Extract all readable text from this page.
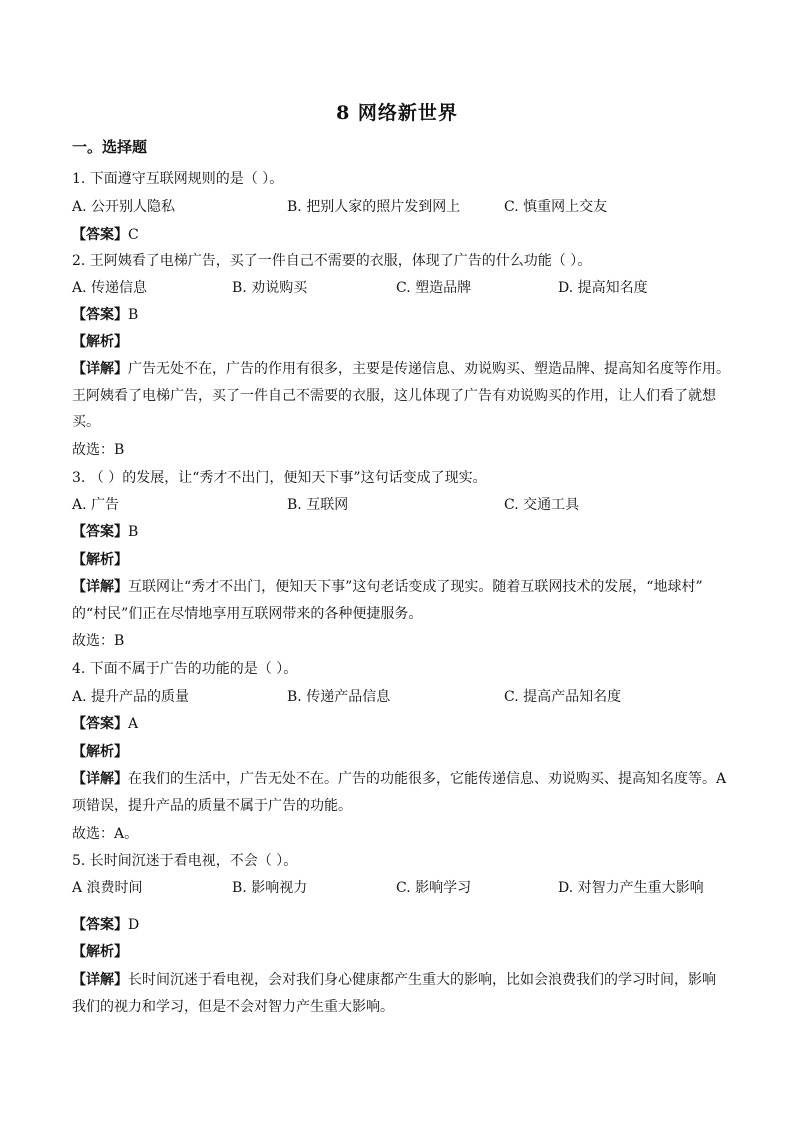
8 网络新世界
一。选择题
1. 下面遵守互联网规则的是（ ）。
A. 公开别人隐私	B. 把别人家的照片发到网上	C. 慎重网上交友
【答案】C
2. 王阿姨看了电梯广告，买了一件自己不需要的衣服，体现了广告的什么功能（ ）。
A. 传递信息	B. 劝说购买	C. 塑造品牌	D. 提高知名度
【答案】B
【解析】
【详解】广告无处不在，广告的作用有很多，主要是传递信息、劝说购买、塑造品牌、提高知名度等作用。
王阿姨看了电梯广告，买了一件自己不需要的衣服，这儿体现了广告有劝说购买的作用，让人们看了就想
买。
故选：B
3. （ ）的发展，让“秀才不出门，便知天下事”这句话变成了现实。
A. 广告	B. 互联网	C. 交通工具
【答案】B
【解析】
【详解】互联网让“秀才不出门，便知天下事”这句老话变成了现实。随着互联网技术的发展，“地球村”
的“村民”们正在尽情地享用互联网带来的各种便捷服务。
故选：B
4. 下面不属于广告的功能的是（ ）。
A. 提升产品的质量	B. 传递产品信息	C. 提高产品知名度
【答案】A
【解析】
【详解】在我们的生活中，广告无处不在。广告的功能很多，它能传递信息、劝说购买、提高知名度等。A
项错误，提升产品的质量不属于广告的功能。
故选：A。
5. 长时间沉迷于看电视，不会（ ）。
A 浪费时间	B. 影响视力	C. 影响学习	D. 对智力产生重大影响
【答案】D
【解析】
【详解】长时间沉迷于看电视，会对我们身心健康都产生重大的影响，比如会浪费我们的学习时间，影响
我们的视力和学习，但是不会对智力产生重大影响。
